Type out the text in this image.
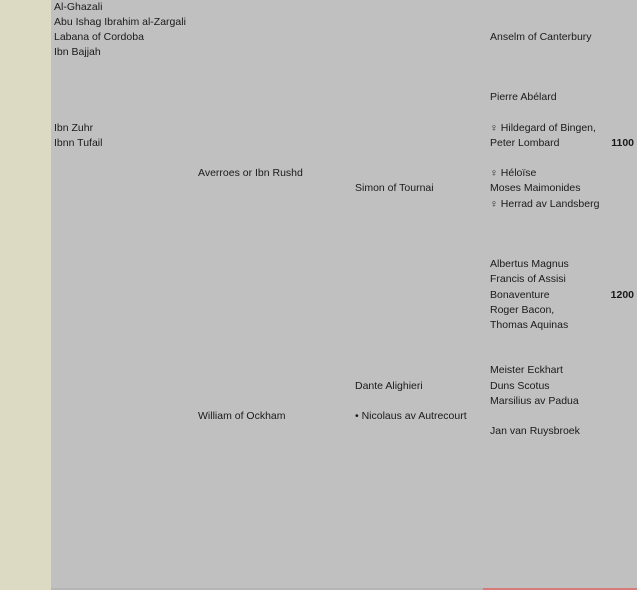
1100
1200
Al-Ghazali
Abu Ishag Ibrahim al-Zargali
Labana of Cordoba
Ibn Bajjah
Ibn Zuhr
Ibnn Tufail
Averroes or Ibn Rushd
William of Ockham
Simon of Tournai
Dante Alighieri
• Nicolaus av Autrecourt
Anselm of Canterbury
Pierre Abélard
♀ Hildegard of Bingen,
Peter Lombard
♀ Héloïse
Moses Maimonides
♀ Herrad av Landsberg
Albertus Magnus
Francis of Assisi
Bonaventure
Roger Bacon,
Thomas Aquinas
Meister Eckhart
Duns Scotus
Marsilius av Padua
Jan van Ruysbroek
